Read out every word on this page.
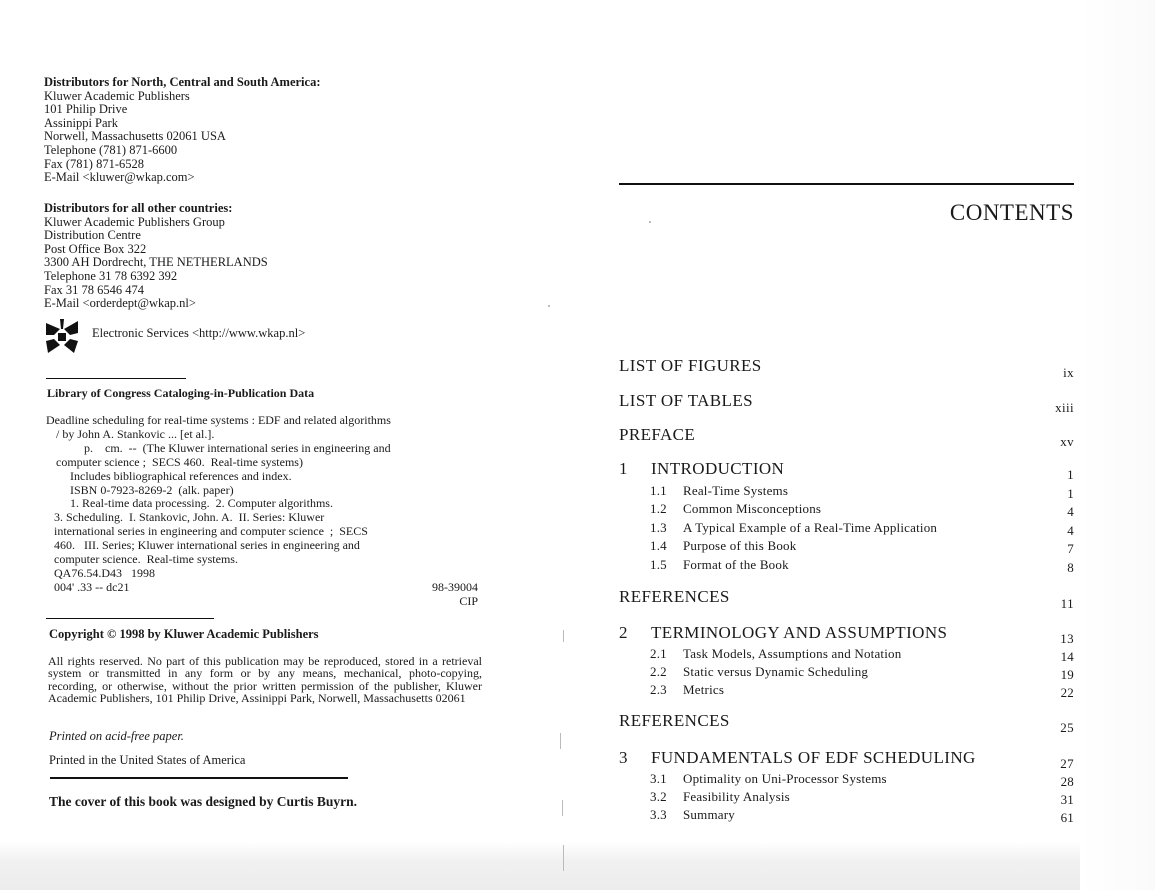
Distributors for North, Central and South America:
Kluwer Academic Publishers
101 Philip Drive
Assinippi Park
Norwell, Massachusetts 02061 USA
Telephone (781) 871-6600
Fax (781) 871-6528
E-Mail <kluwer@wkap.com>
Distributors for all other countries:
Kluwer Academic Publishers Group
Distribution Centre
Post Office Box 322
3300 AH Dordrecht, THE NETHERLANDS
Telephone 31 78 6392 392
Fax 31 78 6546 474
E-Mail <orderdept@wkap.nl>
Electronic Services <http://www.wkap.nl>
Library of Congress Cataloging-in-Publication Data
Deadline scheduling for real-time systems : EDF and related algorithms
/ by John A. Stankovic ... [et al.].
p.    cm.  --  (The Kluwer international series in engineering and
computer science ;  SECS 460.  Real-time systems)
Includes bibliographical references and index.
ISBN 0-7923-8269-2  (alk. paper)
1. Real-time data processing.  2. Computer algorithms.
3. Scheduling.  I. Stankovic, John. A.  II. Series: Kluwer
international series in engineering and computer science  ;  SECS
460.   III. Series; Kluwer international series in engineering and
computer science.  Real-time systems.
QA76.54.D43   1998
004' .33 -- dc21	98-39004
CIP
Copyright © 1998 by Kluwer Academic Publishers
All rights reserved. No part of this publication may be reproduced, stored in a retrieval system or transmitted in any form or by any means, mechanical, photo-copying, recording, or otherwise, without the prior written permission of the publisher, Kluwer Academic Publishers, 101 Philip Drive, Assinippi Park, Norwell, Massachusetts 02061
Printed on acid-free paper.
Printed in the United States of America
The cover of this book was designed by Curtis Buyrn.
CONTENTS
LIST OF FIGURES	ix
LIST OF TABLES	xiii
PREFACE	xv
1 INTRODUCTION	1
1.1 Real-Time Systems	1
1.2 Common Misconceptions	4
1.3 A Typical Example of a Real-Time Application	4
1.4 Purpose of this Book	7
1.5 Format of the Book	8
REFERENCES	11
2 TERMINOLOGY AND ASSUMPTIONS	13
2.1 Task Models, Assumptions and Notation	14
2.2 Static versus Dynamic Scheduling	19
2.3 Metrics	22
REFERENCES	25
3 FUNDAMENTALS OF EDF SCHEDULING	27
3.1 Optimality on Uni-Processor Systems	28
3.2 Feasibility Analysis	31
3.3 Summary	61
